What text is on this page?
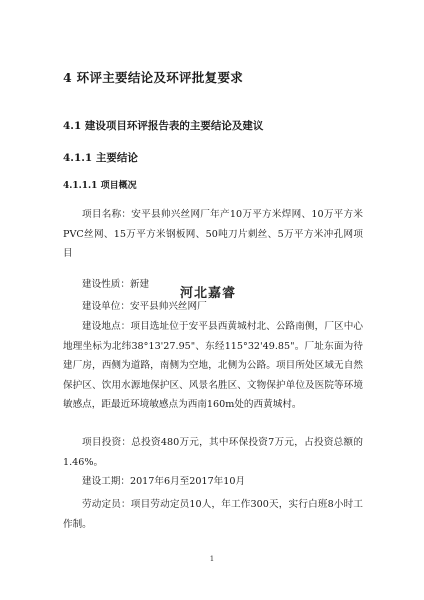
4 环评主要结论及环评批复要求
4.1 建设项目环评报告表的主要结论及建议
4.1.1 主要结论
4.1.1.1 项目概况
项目名称：安平县帅兴丝网厂年产10万平方米焊网、10万平方米PVC丝网、15万平方米钢板网、50吨刀片刺丝、5万平方米冲孔网项目
建设性质：新建
建设单位：安平县帅兴丝网厂
建设地点：项目选址位于安平县西黄城村北、公路南侧，厂区中心地理坐标为北纬38°13'27.95"、东经115°32'49.85"。厂址东面为待建厂房，西侧为道路，南侧为空地，北侧为公路。项目所处区域无自然保护区、饮用水源地保护区、风景名胜区、文物保护单位及医院等环境敏感点，距最近环境敏感点为西南160m处的西黄城村。
项目投资：总投资480万元，其中环保投资7万元，占投资总额的1.46%。
建设工期：2017年6月至2017年10月
劳动定员：项目劳动定员10人，年工作300天，实行白班8小时工作制。
河北嘉睿
1
